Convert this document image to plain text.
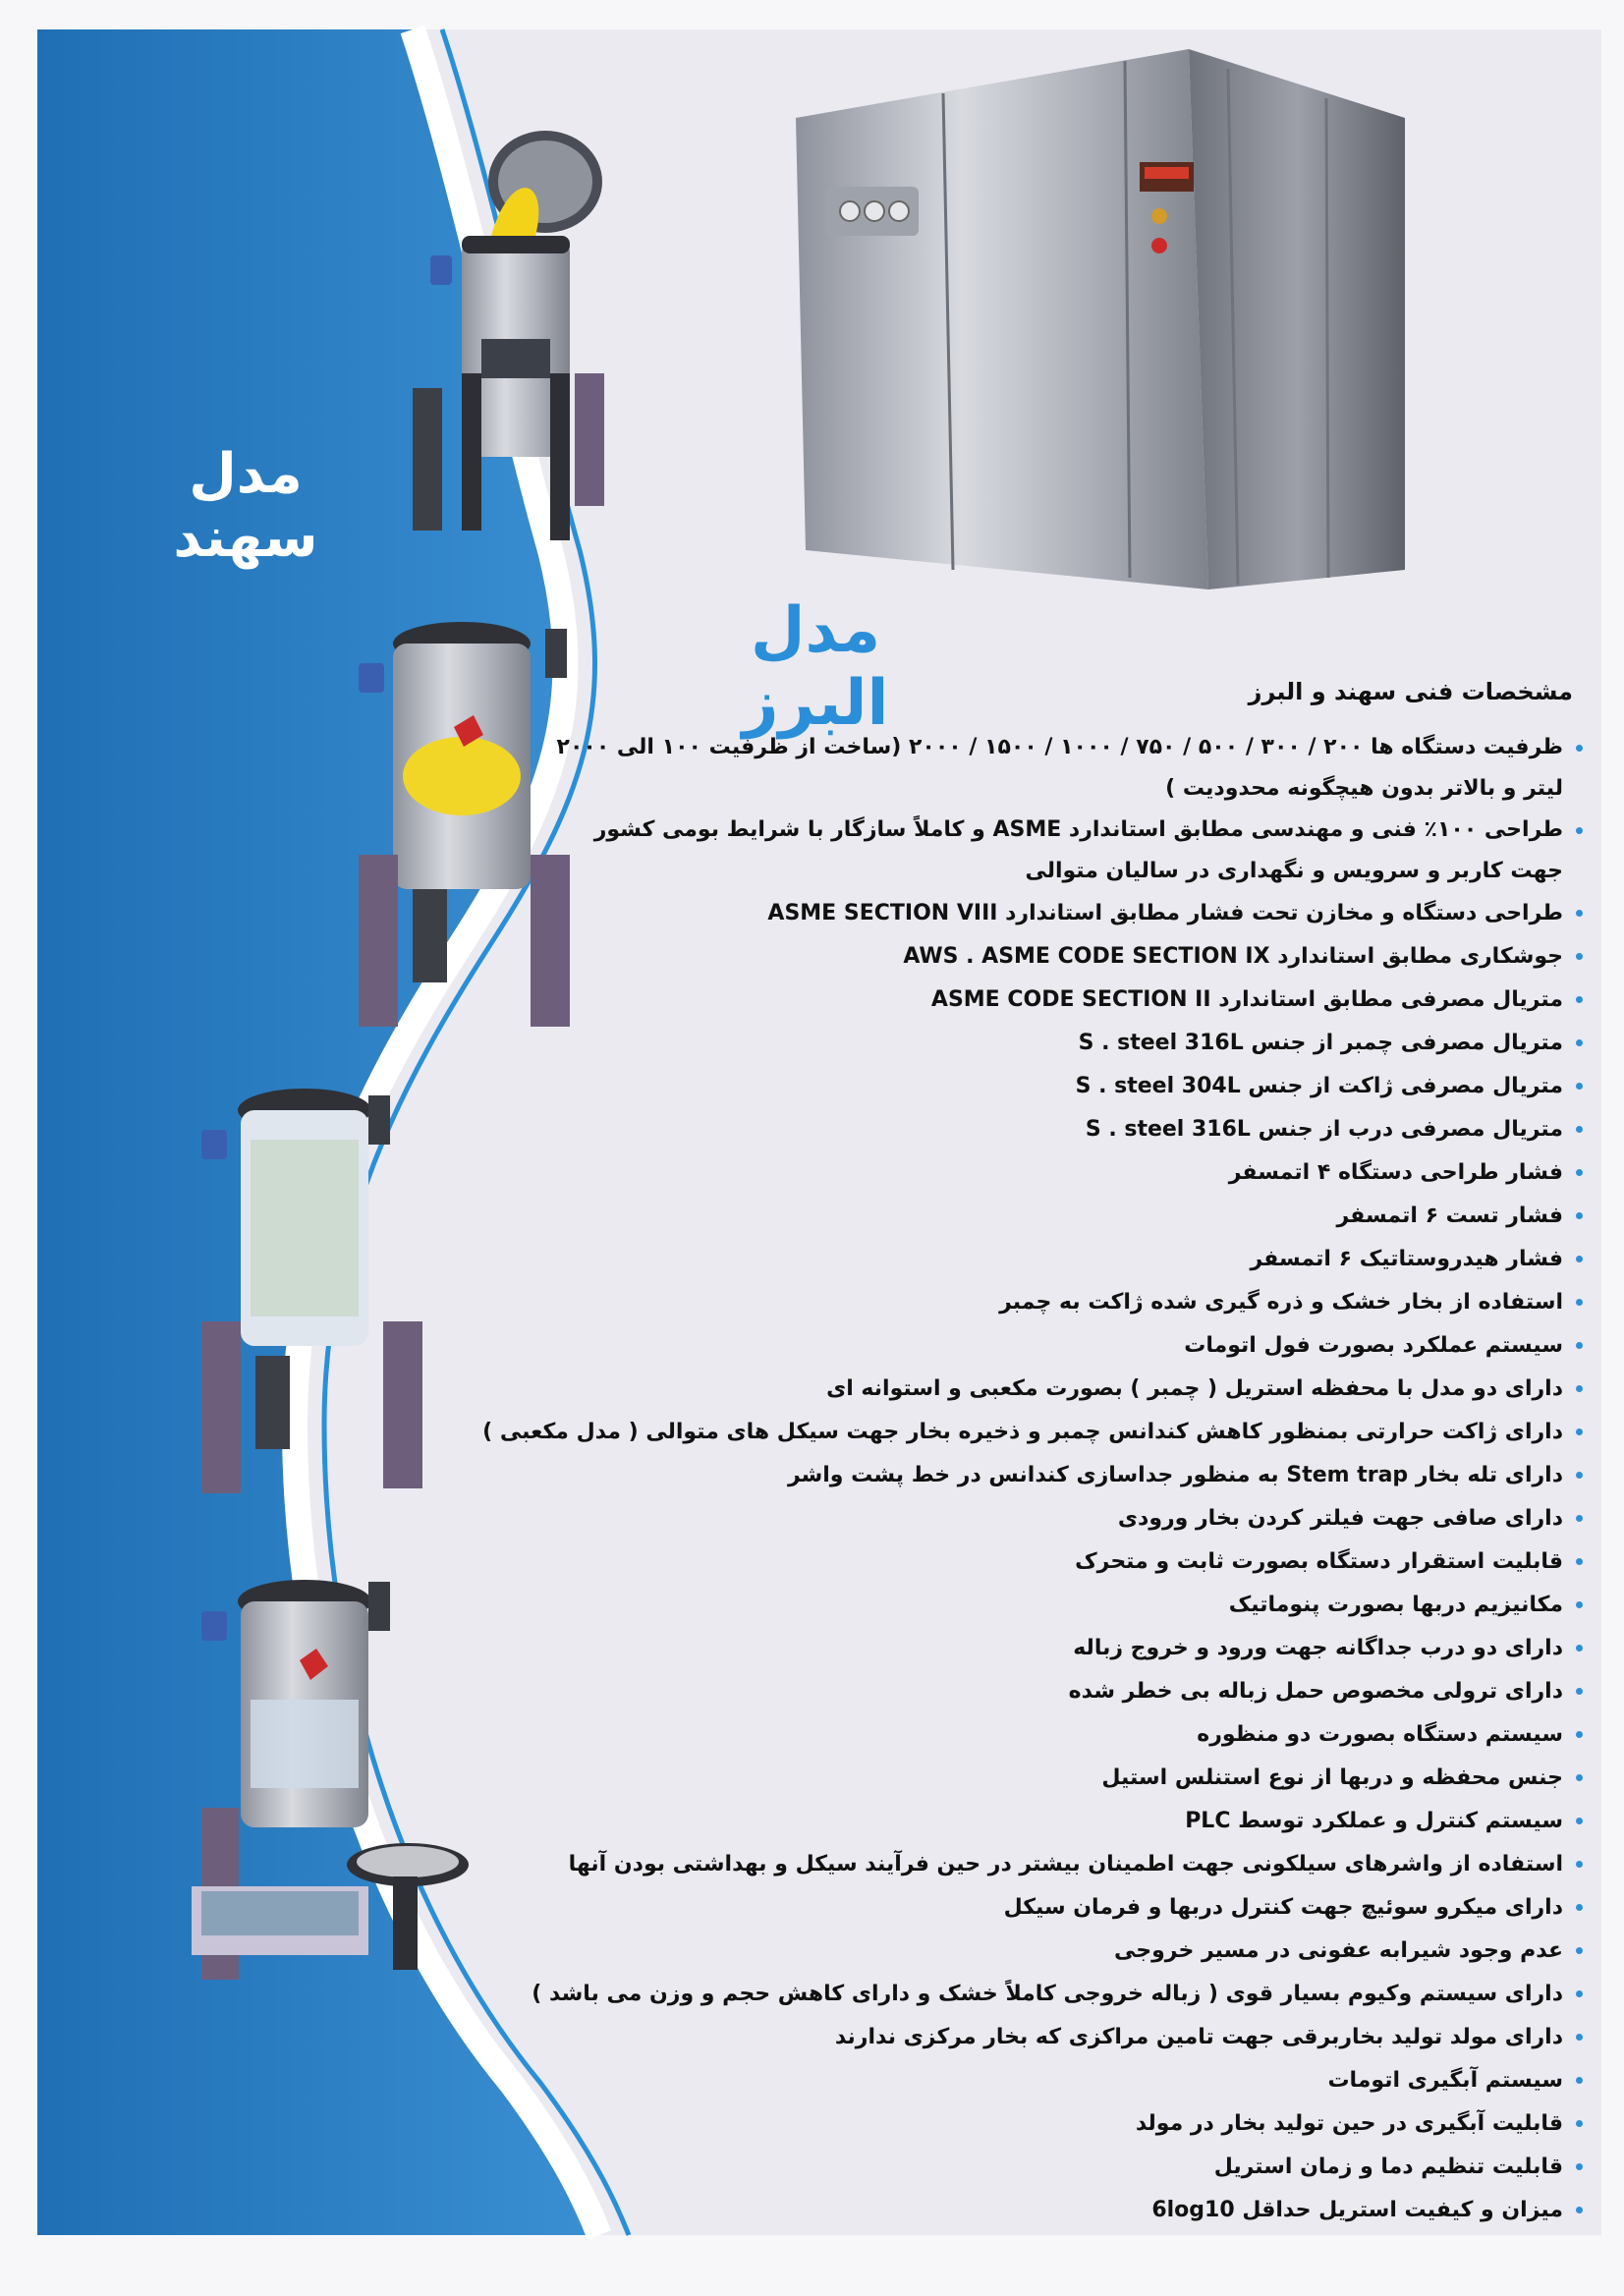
مدل سهند
مدل البرز	مشخصات فنی سهند و البرز
ظرفیت دستگاه ها ۲۰۰ / ۳۰۰ / ۵۰۰ / ۷۵۰ / ۱۰۰۰ / ۱۵۰۰ / ۲۰۰۰ (ساخت از ظرفیت ۱۰۰ الی ۲۰۰۰ لیتر و بالاتر بدون هیچگونه محدودیت )
طراحی ۱۰۰٪ فنی و مهندسی مطابق استاندارد ASME و کاملاً سازگار با شرایط بومی کشور جهت کاربر و سرویس و نگهداری در سالیان متوالی
طراحی دستگاه و مخازن تحت فشار مطابق استاندارد ASME SECTION VIII
جوشکاری مطابق استاندارد AWS . ASME CODE SECTION IX
متریال مصرفی مطابق استاندارد ASME CODE SECTION II
متریال مصرفی چمبر از جنس S . steel 316L
متریال مصرفی ژاکت از جنس S . steel 304L
متریال مصرفی درب از جنس S . steel 316L
فشار طراحی دستگاه ۴ اتمسفر
فشار تست ۶ اتمسفر
فشار هیدروستاتیک ۶ اتمسفر
استفاده از بخار خشک و ذره گیری شده ژاکت به چمبر
سیستم عملکرد بصورت فول اتومات
دارای دو مدل با محفظه استریل ( چمبر ) بصورت مکعبی و استوانه ای
دارای ژاکت حرارتی بمنظور کاهش کندانس چمبر و ذخیره بخار جهت سیکل های متوالی ( مدل مکعبی )
دارای تله بخار Stem trap به منظور جداسازی کندانس در خط پشت واشر
دارای صافی جهت فیلتر کردن بخار ورودی
قابلیت استقرار دستگاه بصورت ثابت و متحرک
مکانیزیم دربها بصورت پنوماتیک
دارای دو درب جداگانه جهت ورود و خروج زباله
دارای ترولی مخصوص حمل زباله بی خطر شده
سیستم دستگاه بصورت دو منظوره
جنس محفظه و دربها از نوع استنلس استیل
سیستم کنترل و عملکرد توسط PLC
استفاده از واشرهای سیلکونی جهت اطمینان بیشتر در حین فرآیند سیکل و بهداشتی بودن آنها
دارای میکرو سوئیچ جهت کنترل دربها و فرمان سیکل
عدم وجود شیرابه عفونی در مسیر خروجی
دارای سیستم وکیوم بسیار قوی ( زباله خروجی کاملاً خشک و دارای کاهش حجم و وزن می باشد )
دارای مولد تولید بخاربرقی جهت تامین مراکزی که بخار مرکزی ندارند
سیستم آبگیری اتومات
قابلیت آبگیری در حین تولید بخار در مولد
قابلیت تنظیم دما و زمان استریل
میزان و کیفیت استریل حداقل 6log10
